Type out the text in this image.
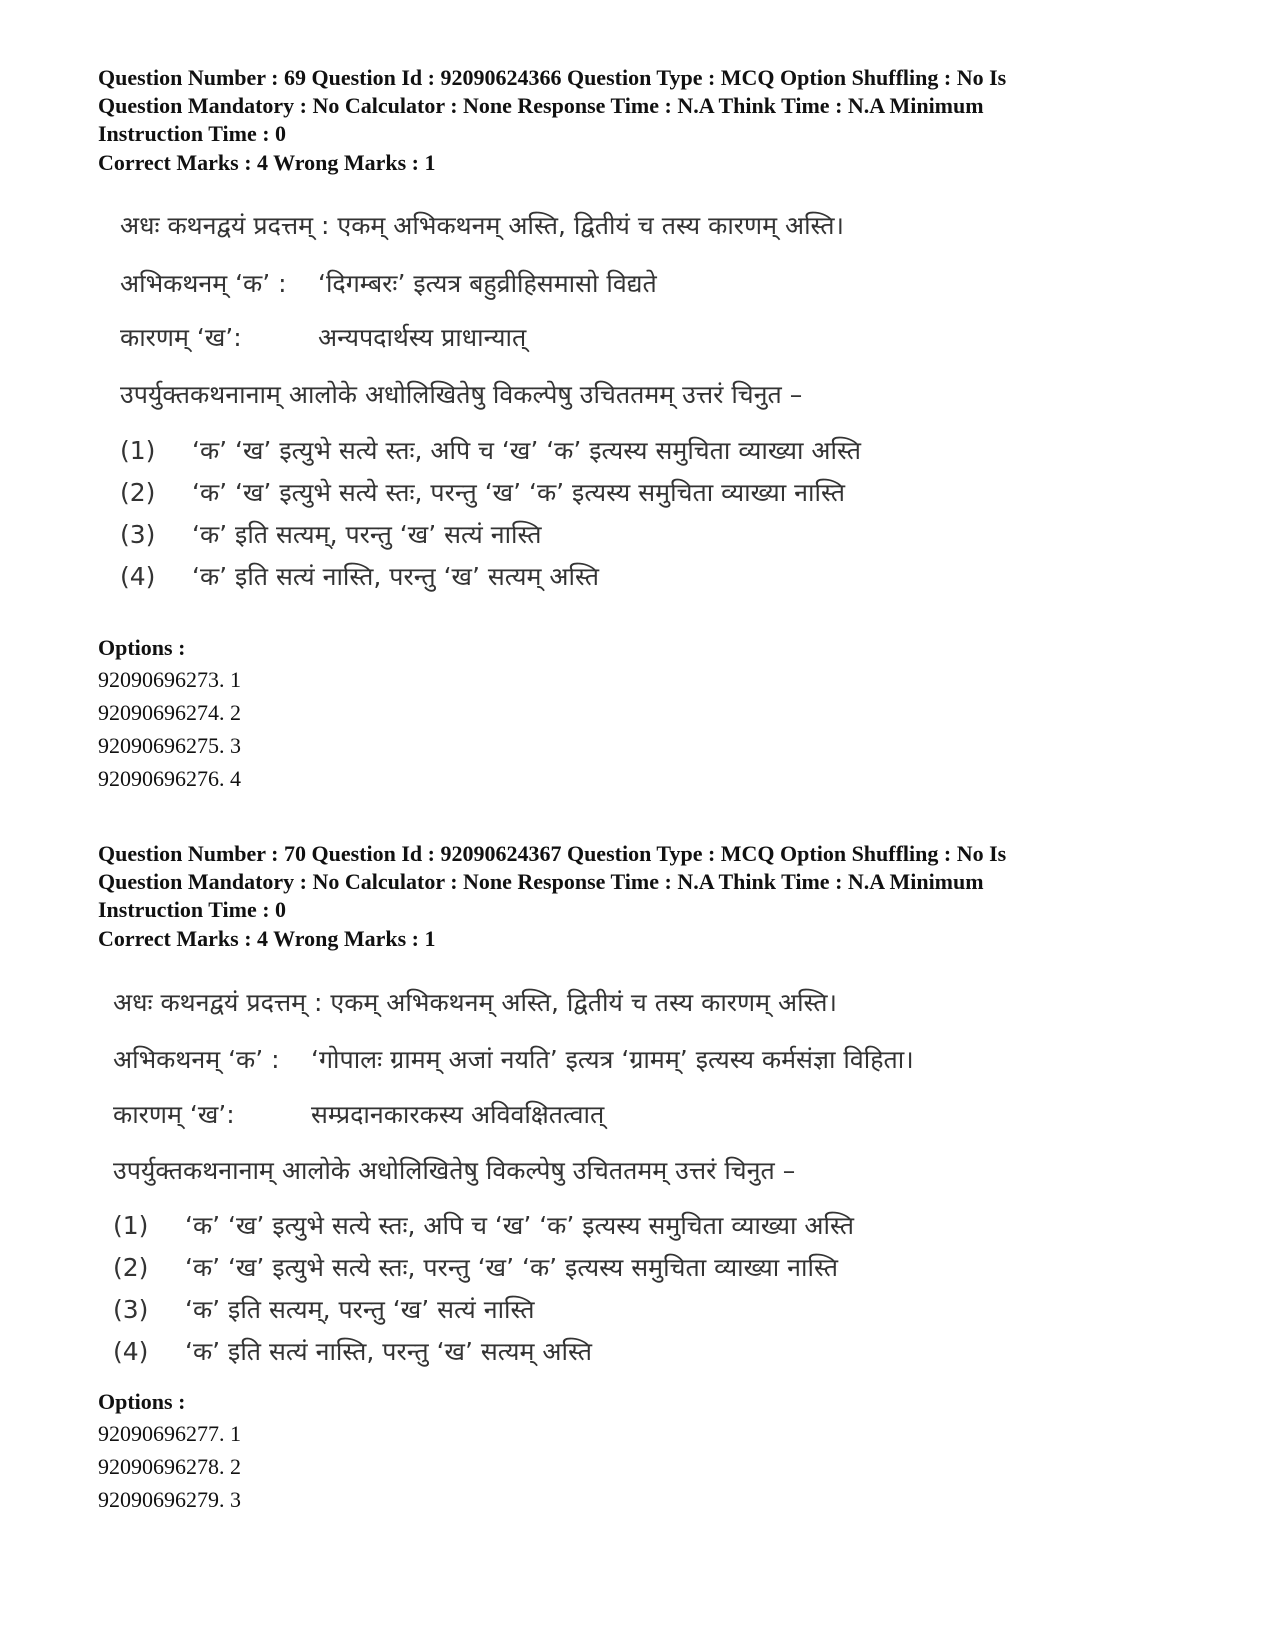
Question Number : 69 Question Id : 92090624366 Question Type : MCQ Option Shuffling : No Is
Question Mandatory : No Calculator : None Response Time : N.A Think Time : N.A Minimum
Instruction Time : 0
Correct Marks : 4 Wrong Marks : 1
अधः कथनद्वयं प्रदत्तम् : एकम् अभिकथनम् अस्ति, द्वितीयं च तस्य कारणम् अस्ति।
अभिकथनम् ‘क’ : ‘दिगम्बरः’ इत्यत्र बहुव्रीहिसमासो विद्यते
कारणम् ‘ख’:	अन्यपदार्थस्य प्राधान्यात्
उपर्युक्तकथनानाम् आलोके अधोलिखितेषु विकल्पेषु उचिततमम् उत्तरं चिनुत –
(1) ‘क’ ‘ख’ इत्युभे सत्ये स्तः, अपि च ‘ख’ ‘क’ इत्यस्य समुचिता व्याख्या अस्ति
(2) ‘क’ ‘ख’ इत्युभे सत्ये स्तः, परन्तु ‘ख’ ‘क’ इत्यस्य समुचिता व्याख्या नास्ति
(3) ‘क’ इति सत्यम्, परन्तु ‘ख’ सत्यं नास्ति
(4) ‘क’ इति सत्यं नास्ति, परन्तु ‘ख’ सत्यम् अस्ति
Options :
92090696273. 1
92090696274. 2
92090696275. 3
92090696276. 4
Question Number : 70 Question Id : 92090624367 Question Type : MCQ Option Shuffling : No Is
Question Mandatory : No Calculator : None Response Time : N.A Think Time : N.A Minimum
Instruction Time : 0
Correct Marks : 4 Wrong Marks : 1
अधः कथनद्वयं प्रदत्तम् : एकम् अभिकथनम् अस्ति, द्वितीयं च तस्य कारणम् अस्ति।
अभिकथनम् ‘क’ : ‘गोपालः ग्रामम् अजां नयति’ इत्यत्र ‘ग्रामम्’ इत्यस्य कर्मसंज्ञा विहिता।
कारणम् ‘ख’:	सम्प्रदानकारकस्य अविवक्षितत्वात्
उपर्युक्तकथनानाम् आलोके अधोलिखितेषु विकल्पेषु उचिततमम् उत्तरं चिनुत –
(1) ‘क’ ‘ख’ इत्युभे सत्ये स्तः, अपि च ‘ख’ ‘क’ इत्यस्य समुचिता व्याख्या अस्ति
(2) ‘क’ ‘ख’ इत्युभे सत्ये स्तः, परन्तु ‘ख’ ‘क’ इत्यस्य समुचिता व्याख्या नास्ति
(3) ‘क’ इति सत्यम्, परन्तु ‘ख’ सत्यं नास्ति
(4) ‘क’ इति सत्यं नास्ति, परन्तु ‘ख’ सत्यम् अस्ति
Options :
92090696277. 1
92090696278. 2
92090696279. 3
